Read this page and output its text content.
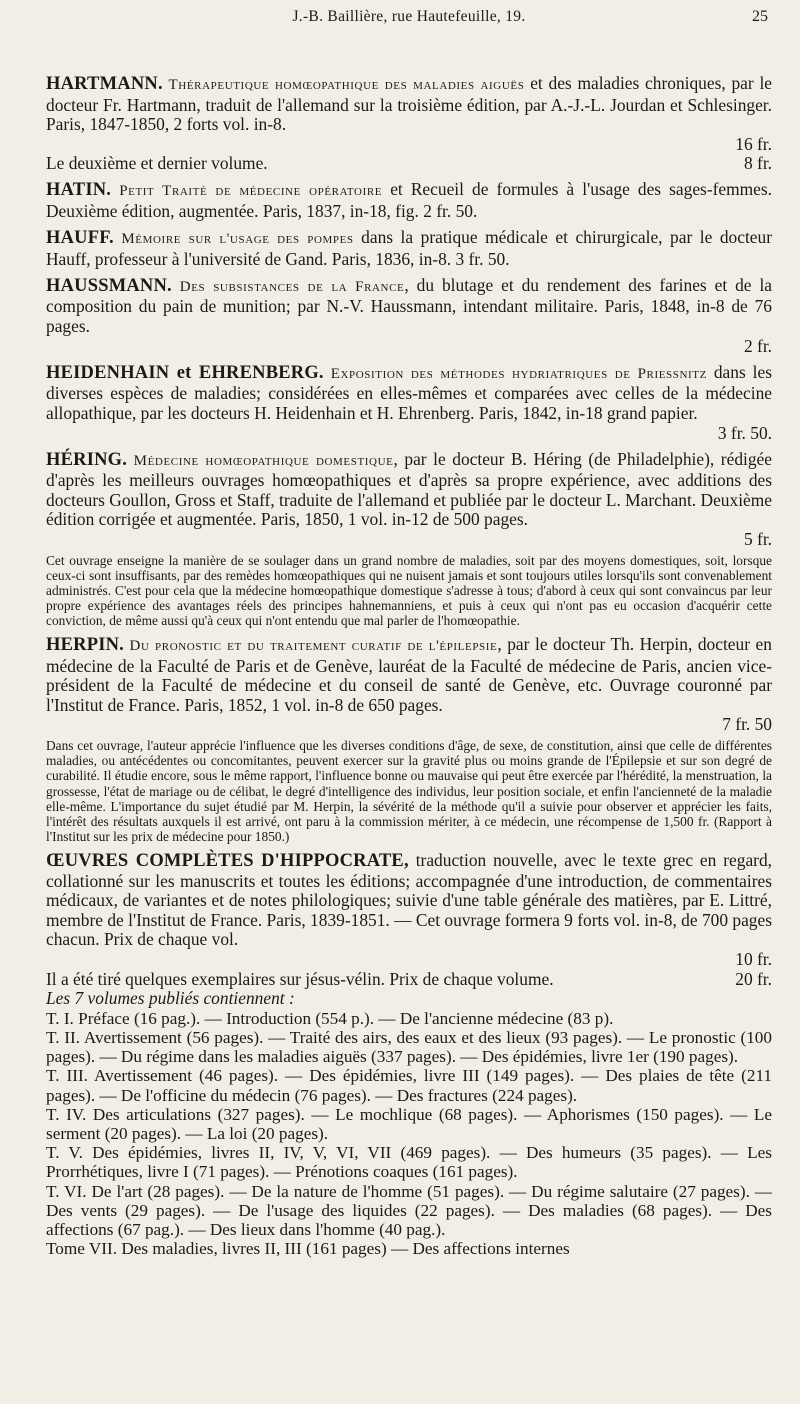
J.-B. Baillière, rue Hautefeuille, 19.	25

HARTMANN. Thérapeutique homœopathique des maladies aiguës et des maladies chroniques, par le docteur Fr. Hartmann, traduit de l'allemand sur la troisième édition, par A.-J.-L. Jourdan et Schlesinger. Paris, 1847-1850, 2 forts vol. in-8.

16 fr.
Le deuxième et dernier volume.	8 fr.

HATIN. Petit Traité de médecine opératoire et Recueil de formules à l'usage des sages-femmes. Deuxième édition, augmentée. Paris, 1837, in-18, fig. 2 fr. 50.

HAUFF. Mémoire sur l'usage des pompes dans la pratique médicale et chirurgicale, par le docteur Hauff, professeur à l'université de Gand. Paris, 1836, in-8. 3 fr. 50.

HAUSSMANN. Des subsistances de la France, du blutage et du rendement des farines et de la composition du pain de munition; par N.-V. Haussmann, intendant militaire. Paris, 1848, in-8 de 76 pages.

2 fr.

HEIDENHAIN et EHRENBERG. Exposition des méthodes hydriatriques de Priessnitz dans les diverses espèces de maladies; considérées en elles-mêmes et comparées avec celles de la médecine allopathique, par les docteurs H. Heidenhain et H. Ehrenberg. Paris, 1842, in-18 grand papier.

3 fr. 50.

HÉRING. Médecine homœopathique domestique, par le docteur B. Héring (de Philadelphie), rédigée d'après les meilleurs ouvrages homœopathiques et d'après sa propre expérience, avec additions des docteurs Goullon, Gross et Staff, traduite de l'allemand et publiée par le docteur L. Marchant. Deuxième édition corrigée et augmentée. Paris, 1850, 1 vol. in-12 de 500 pages.

5 fr.

Cet ouvrage enseigne la manière de se soulager dans un grand nombre de maladies, soit par des moyens domestiques, soit, lorsque ceux-ci sont insuffisants, par des remèdes homœopathiques qui ne nuisent jamais et sont toujours utiles lorsqu'ils sont convenablement administrés. C'est pour cela que la médecine homœopathique domestique s'adresse à tous; d'abord à ceux qui sont convaincus par leur propre expérience des avantages réels des principes hahnemanniens, et puis à ceux qui n'ont pas eu occasion d'acquérir cette conviction, de même aussi qu'à ceux qui n'ont entendu que mal parler de l'homœopathie.

HERPIN. Du pronostic et du traitement curatif de l'épilepsie, par le docteur Th. Herpin, docteur en médecine de la Faculté de Paris et de Genève, lauréat de la Faculté de médecine de Paris, ancien vice-président de la Faculté de médecine et du conseil de santé de Genève, etc. Ouvrage couronné par l'Institut de France. Paris, 1852, 1 vol. in-8 de 650 pages.

7 fr. 50

Dans cet ouvrage, l'auteur apprécie l'influence que les diverses conditions d'âge, de sexe, de constitution, ainsi que celle de différentes maladies, ou antécédentes ou concomitantes, peuvent exercer sur la gravité plus ou moins grande de l'Épilepsie et sur son degré de curabilité. Il étudie encore, sous le même rapport, l'influence bonne ou mauvaise qui peut être exercée par l'hérédité, la menstruation, la grossesse, l'état de mariage ou de célibat, le degré d'intelligence des individus, leur position sociale, et enfin l'ancienneté de la maladie elle-même. L'importance du sujet étudié par M. Herpin, la sévérité de la méthode qu'il a suivie pour observer et apprécier les faits, l'intérêt des résultats auxquels il est arrivé, ont paru à la commission mériter, à ce médecin, une récompense de 1,500 fr. (Rapport à l'Institut sur les prix de médecine pour 1850.)

ŒUVRES COMPLÈTES D'HIPPOCRATE, traduction nouvelle, avec le texte grec en regard, collationné sur les manuscrits et toutes les éditions; accompagnée d'une introduction, de commentaires médicaux, de variantes et de notes philologiques; suivie d'une table générale des matières, par E. Littré, membre de l'Institut de France. Paris, 1839-1851. — Cet ouvrage formera 9 forts vol. in-8, de 700 pages chacun. Prix de chaque vol.

10 fr.
Il a été tiré quelques exemplaires sur jésus-vélin. Prix de chaque volume.	20 fr.

Les 7 volumes publiés contiennent :

T. I. Préface (16 pag.). — Introduction (554 p.). — De l'ancienne médecine (83 p).

T. II. Avertissement (56 pages). — Traité des airs, des eaux et des lieux (93 pages). — Le pronostic (100 pages). — Du régime dans les maladies aiguës (337 pages). — Des épidémies, livre 1er (190 pages).

T. III. Avertissement (46 pages). — Des épidémies, livre III (149 pages). — Des plaies de tête (211 pages). — De l'officine du médecin (76 pages). — Des fractures (224 pages).

T. IV. Des articulations (327 pages). — Le mochlique (68 pages). — Aphorismes (150 pages). — Le serment (20 pages). — La loi (20 pages).

T. V. Des épidémies, livres II, IV, V, VI, VII (469 pages). — Des humeurs (35 pages). — Les Prorrhétiques, livre I (71 pages). — Prénotions coaques (161 pages).

T. VI. De l'art (28 pages). — De la nature de l'homme (51 pages). — Du régime salutaire (27 pages). — Des vents (29 pages). — De l'usage des liquides (22 pages). — Des maladies (68 pages). — Des affections (67 pag.). — Des lieux dans l'homme (40 pag.).

Tome VII. Des maladies, livres II, III (161 pages) — Des affections internes
